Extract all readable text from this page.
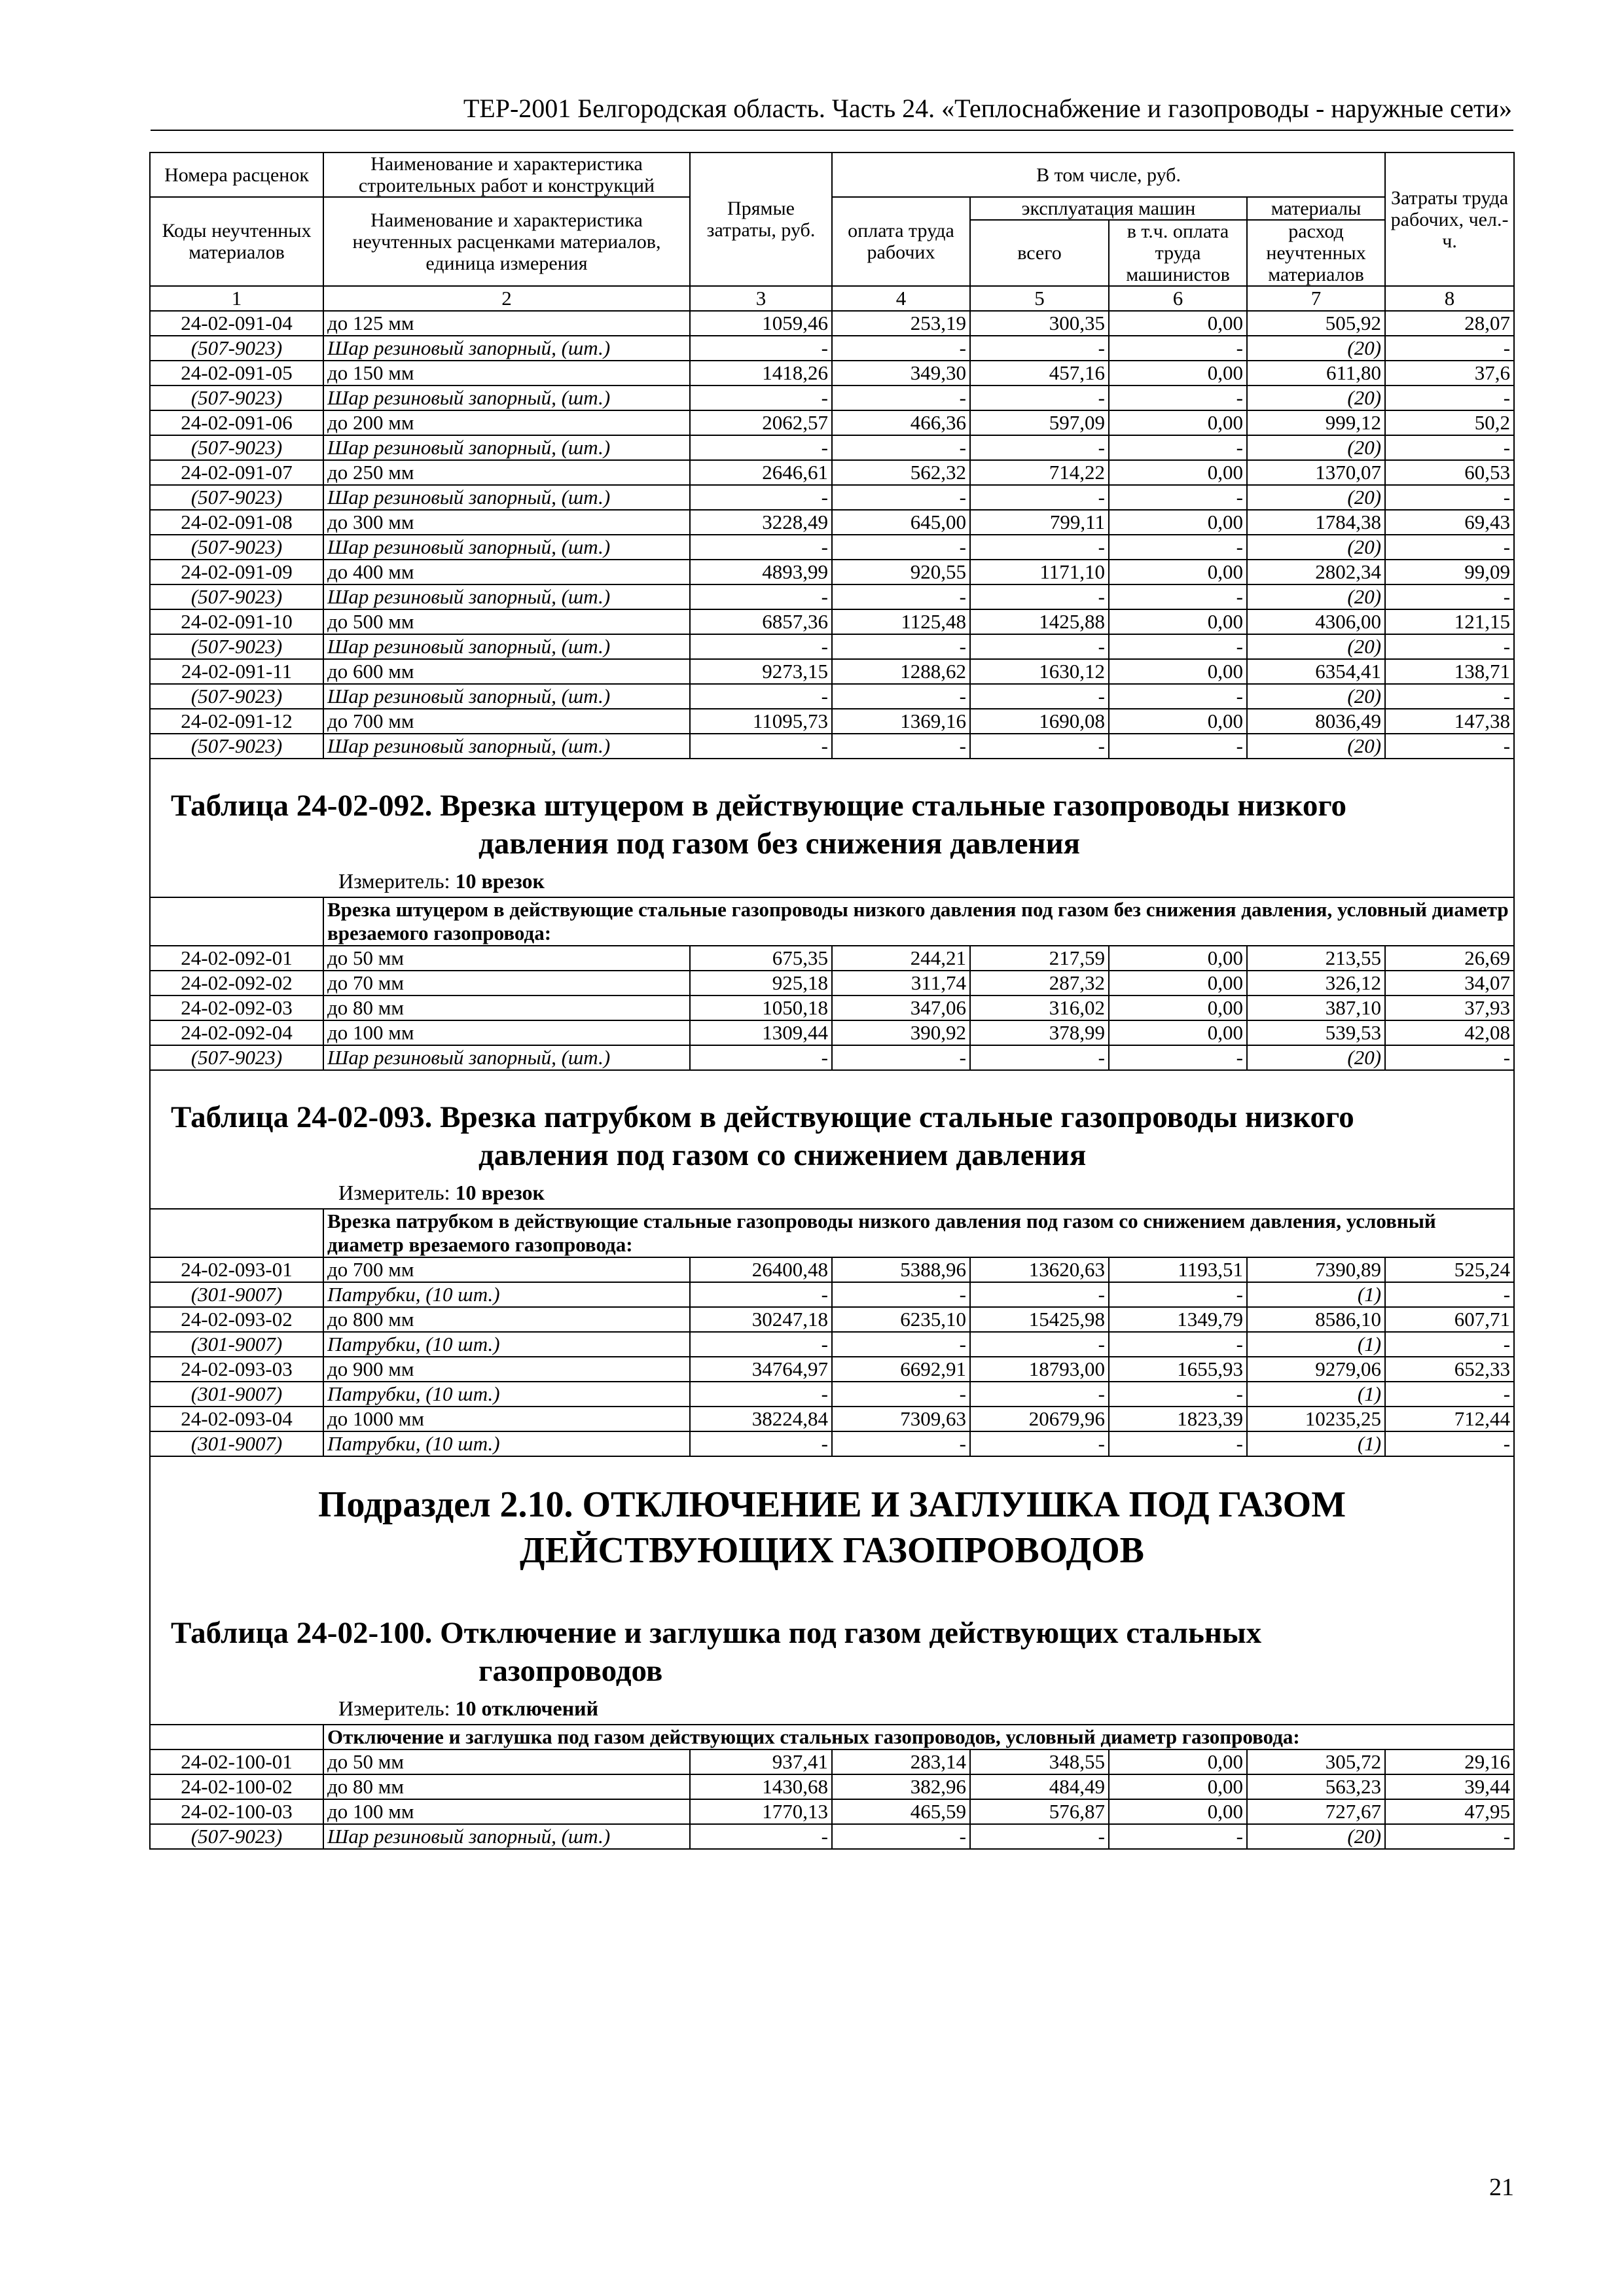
ТЕР-2001 Белгородская область. Часть 24. «Теплоснабжение и газопроводы - наружные сети»
Номера расценок	Наименование и характеристика строительных работ и конструкций	Прямые затраты, руб.	В том числе, руб.				Затраты труда рабочих, чел.-ч.
Коды неучтенных материалов	Наименование и характеристика неучтенных расценками материалов, единица измерения		оплата труда рабочих	эксплуатация машин		материалы	
				всего	в т.ч. оплата труда машинистов	расход неучтенных материалов	
1	2	3	4	5	6	7	8
24-02-091-04	до 125 мм	1059,46	253,19	300,35	0,00	505,92	28,07
(507-9023)	Шар резиновый запорный, (шт.)	-	-	-	-	(20)	-
24-02-091-05	до 150 мм	1418,26	349,30	457,16	0,00	611,80	37,6
(507-9023)	Шар резиновый запорный, (шт.)	-	-	-	-	(20)	-
24-02-091-06	до 200 мм	2062,57	466,36	597,09	0,00	999,12	50,2
(507-9023)	Шар резиновый запорный, (шт.)	-	-	-	-	(20)	-
24-02-091-07	до 250 мм	2646,61	562,32	714,22	0,00	1370,07	60,53
(507-9023)	Шар резиновый запорный, (шт.)	-	-	-	-	(20)	-
24-02-091-08	до 300 мм	3228,49	645,00	799,11	0,00	1784,38	69,43
(507-9023)	Шар резиновый запорный, (шт.)	-	-	-	-	(20)	-
24-02-091-09	до 400 мм	4893,99	920,55	1171,10	0,00	2802,34	99,09
(507-9023)	Шар резиновый запорный, (шт.)	-	-	-	-	(20)	-
24-02-091-10	до 500 мм	6857,36	1125,48	1425,88	0,00	4306,00	121,15
(507-9023)	Шар резиновый запорный, (шт.)	-	-	-	-	(20)	-
24-02-091-11	до 600 мм	9273,15	1288,62	1630,12	0,00	6354,41	138,71
(507-9023)	Шар резиновый запорный, (шт.)	-	-	-	-	(20)	-
24-02-091-12	до 700 мм	11095,73	1369,16	1690,08	0,00	8036,49	147,38
(507-9023)	Шар резиновый запорный, (шт.)	-	-	-	-	(20)	-

Таблица 24-02-092. Врезка штуцером в действующие стальные газопроводы низкого
давления под газом без снижения давления
Измеритель: 10 врезок							

	Врезка штуцером в действующие стальные газопроводы низкого давления под газом без снижения давления, условный диаметр врезаемого газопровода:						
24-02-092-01	до 50 мм	675,35	244,21	217,59	0,00	213,55	26,69
24-02-092-02	до 70 мм	925,18	311,74	287,32	0,00	326,12	34,07
24-02-092-03	до 80 мм	1050,18	347,06	316,02	0,00	387,10	37,93
24-02-092-04	до 100 мм	1309,44	390,92	378,99	0,00	539,53	42,08
(507-9023)	Шар резиновый запорный, (шт.)	-	-	-	-	(20)	-

Таблица 24-02-093. Врезка патрубком в действующие стальные газопроводы низкого
давления под газом со снижением давления
Измеритель: 10 врезок							

	Врезка патрубком в действующие стальные газопроводы низкого давления под газом со снижением давления, условный диаметр врезаемого газопровода:						
24-02-093-01	до 700 мм	26400,48	5388,96	13620,63	1193,51	7390,89	525,24
(301-9007)	Патрубки, (10 шт.)	-	-	-	-	(1)	-
24-02-093-02	до 800 мм	30247,18	6235,10	15425,98	1349,79	8586,10	607,71
(301-9007)	Патрубки, (10 шт.)	-	-	-	-	(1)	-
24-02-093-03	до 900 мм	34764,97	6692,91	18793,00	1655,93	9279,06	652,33
(301-9007)	Патрубки, (10 шт.)	-	-	-	-	(1)	-
24-02-093-04	до 1000 мм	38224,84	7309,63	20679,96	1823,39	10235,25	712,44
(301-9007)	Патрубки, (10 шт.)	-	-	-	-	(1)	-

Подраздел 2.10. ОТКЛЮЧЕНИЕ И ЗАГЛУШКА ПОД ГАЗОМ
ДЕЙСТВУЮЩИХ ГАЗОПРОВОДОВ
Таблица 24-02-100. Отключение и заглушка под газом действующих стальных
газопроводов
Измеритель: 10 отключений							

	Отключение и заглушка под газом действующих стальных газопроводов, условный диаметр газопровода:						
24-02-100-01	до 50 мм	937,41	283,14	348,55	0,00	305,72	29,16
24-02-100-02	до 80 мм	1430,68	382,96	484,49	0,00	563,23	39,44
24-02-100-03	до 100 мм	1770,13	465,59	576,87	0,00	727,67	47,95
(507-9023)	Шар резиновый запорный, (шт.)	-	-	-	-	(20)	-
21
